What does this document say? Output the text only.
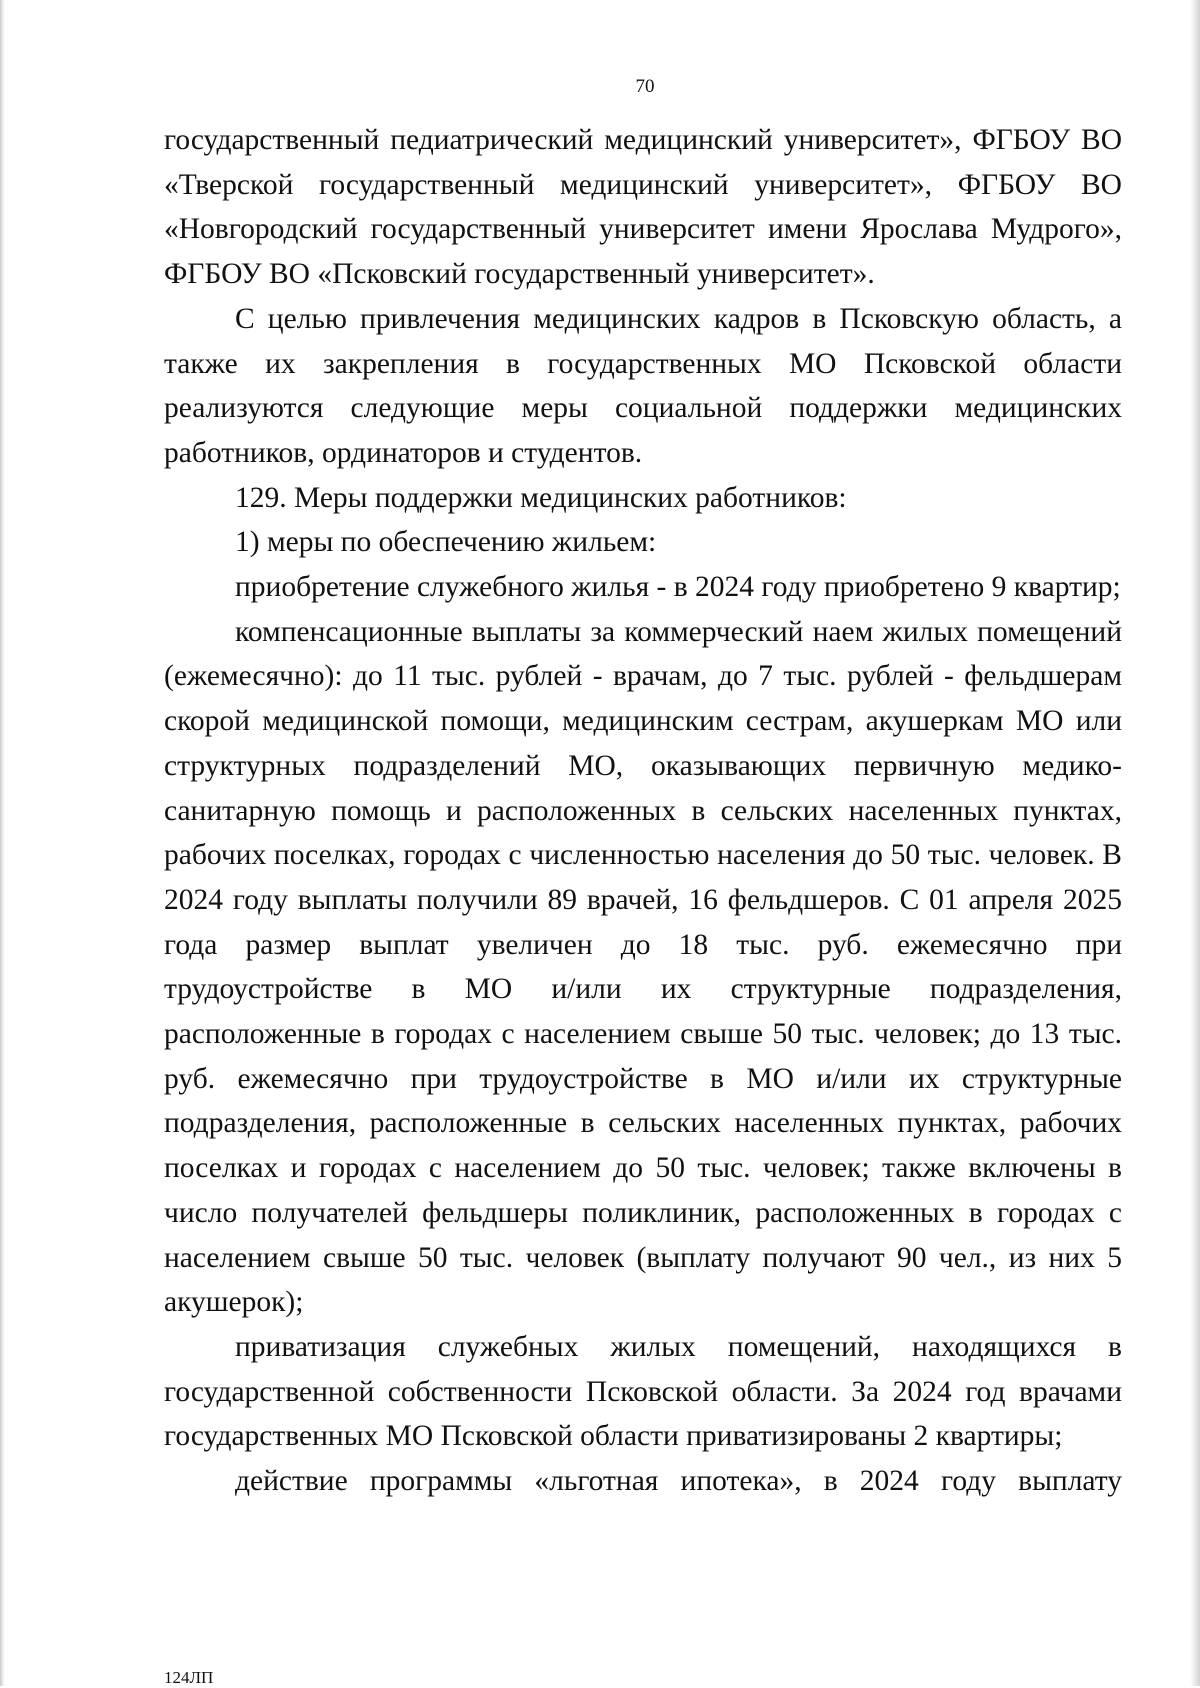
70

государственный педиатрический медицинский университет», ФГБОУ ВО «Тверской государственный медицинский университет», ФГБОУ ВО «Новгородский государственный университет имени Ярослава Мудрого», ФГБОУ ВО «Псковский государственный университет».

С целью привлечения медицинских кадров в Псковскую область, а также их закрепления в государственных МО Псковской области реализуются следующие меры социальной поддержки медицинских работников, ординаторов и студентов.

129. Меры поддержки медицинских работников:

1) меры по обеспечению жильем:

приобретение служебного жилья - в 2024 году приобретено 9 квартир;

компенсационные выплаты за коммерческий наем жилых помещений (ежемесячно): до 11 тыс. рублей - врачам, до 7 тыс. рублей - фельдшерам скорой медицинской помощи, медицинским сестрам, акушеркам МО или структурных подразделений МО, оказывающих первичную медико-санитарную помощь и расположенных в сельских населенных пунктах, рабочих поселках, городах с численностью населения до 50 тыс. человек. В 2024 году выплаты получили 89 врачей, 16 фельдшеров. С 01 апреля 2025 года размер выплат увеличен до 18 тыс. руб. ежемесячно при трудоустройстве в МО и/или их структурные подразделения, расположенные в городах с населением свыше 50 тыс. человек; до 13 тыс. руб. ежемесячно при трудоустройстве в МО и/или их структурные подразделения, расположенные в сельских населенных пунктах, рабочих поселках и городах с населением до 50 тыс. человек; также включены в число получателей фельдшеры поликлиник, расположенных в городах с населением свыше 50 тыс. человек (выплату получают 90 чел., из них 5 акушерок);

приватизация служебных жилых помещений, находящихся в государственной собственности Псковской области. За 2024 год врачами государственных МО Псковской области приватизированы 2 квартиры;

действие программы «льготная ипотека», в 2024 году выплату

124ЛП
